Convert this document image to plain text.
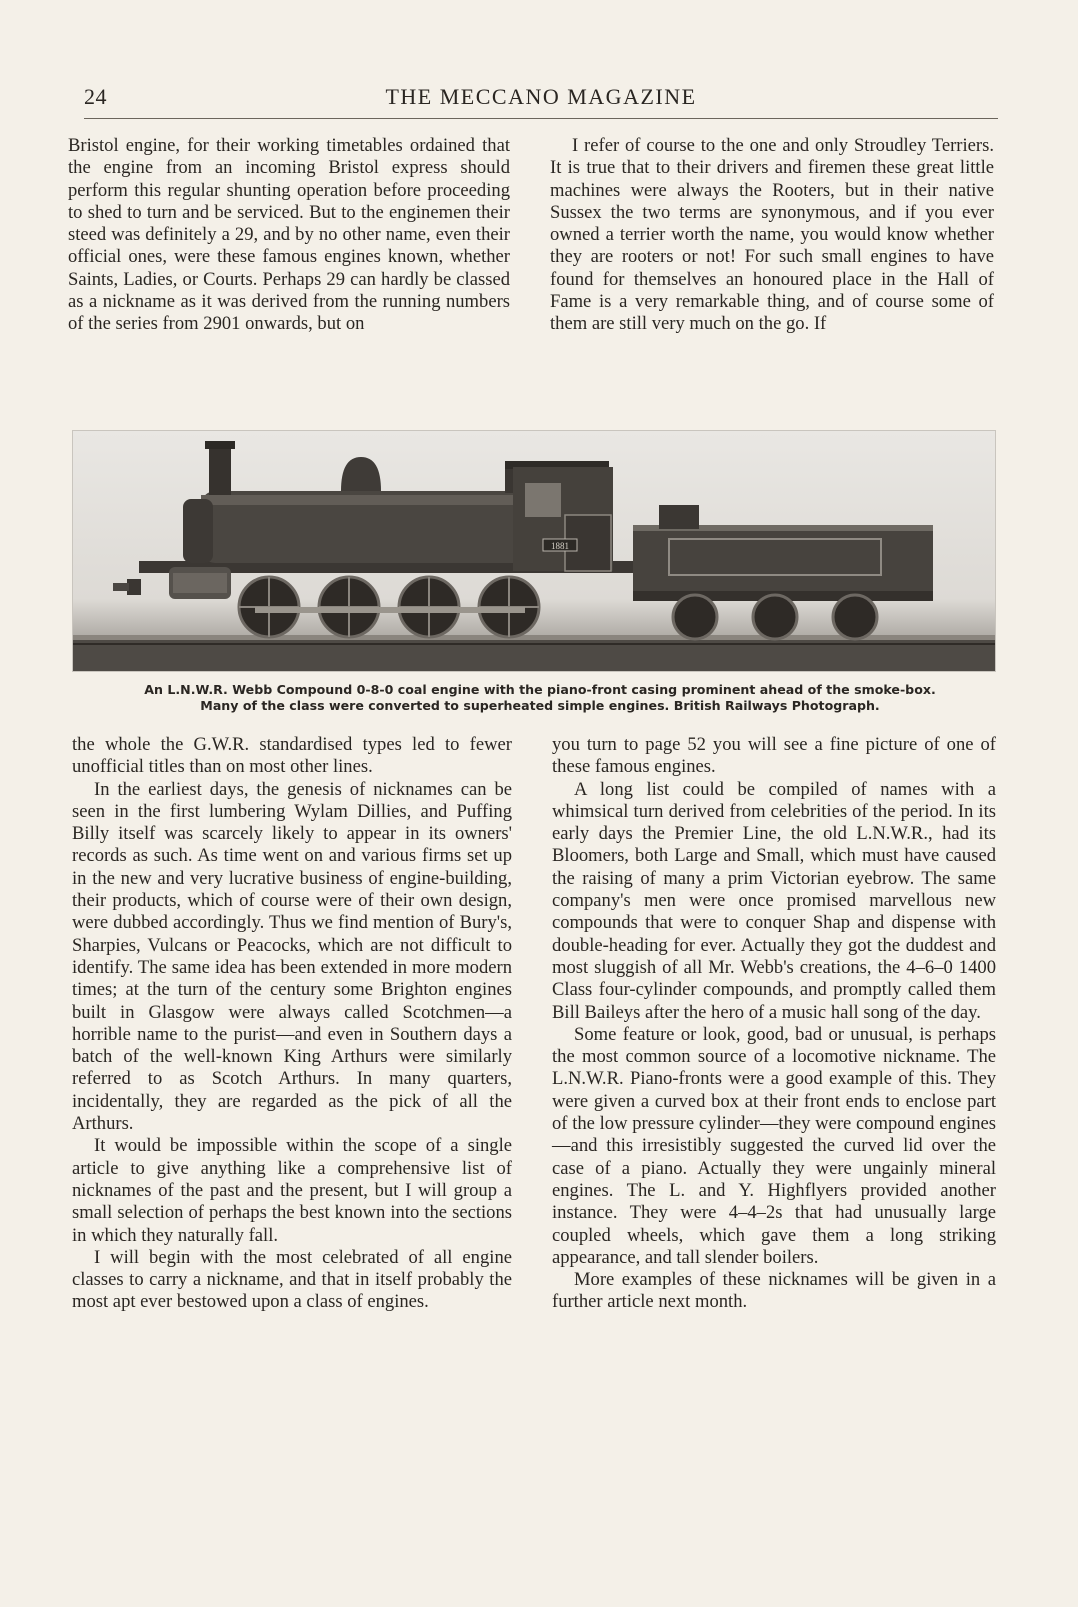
24	THE MECCANO MAGAZINE

Bristol engine, for their working timetables ordained that the engine from an incoming Bristol express should perform this regular shunting operation before proceeding to shed to turn and be serviced. But to the enginemen their steed was definitely a 29, and by no other name, even their official ones, were these famous engines known, whether Saints, Ladies, or Courts. Perhaps 29 can hardly be classed as a nickname as it was derived from the running numbers of the series from 2901 onwards, but on

I refer of course to the one and only Stroudley Terriers. It is true that to their drivers and firemen these great little machines were always the Rooters, but in their native Sussex the two terms are synonymous, and if you ever owned a terrier worth the name, you would know whether they are rooters or not! For such small engines to have found for themselves an honoured place in the Hall of Fame is a very remarkable thing, and of course some of them are still very much on the go. If

1881
An L.N.W.R. Webb Compound 0-8-0 coal engine with the piano-front casing prominent ahead of the smoke-box.
Many of the class were converted to superheated simple engines. British Railways Photograph.

the whole the G.W.R. standardised types led to fewer unofficial titles than on most other lines.

In the earliest days, the genesis of nicknames can be seen in the first lumbering Wylam Dillies, and Puffing Billy itself was scarcely likely to appear in its owners' records as such. As time went on and various firms set up in the new and very lucrative business of engine-building, their products, which of course were of their own design, were dubbed accordingly. Thus we find mention of Bury's, Sharpies, Vulcans or Peacocks, which are not difficult to identify. The same idea has been extended in more modern times; at the turn of the century some Brighton engines built in Glasgow were always called Scotchmen—a horrible name to the purist—and even in Southern days a batch of the well-known King Arthurs were similarly referred to as Scotch Arthurs. In many quarters, incidentally, they are regarded as the pick of all the Arthurs.

It would be impossible within the scope of a single article to give anything like a comprehensive list of nicknames of the past and the present, but I will group a small selection of perhaps the best known into the sections in which they naturally fall.

I will begin with the most celebrated of all engine classes to carry a nickname, and that in itself probably the most apt ever bestowed upon a class of engines.

you turn to page 52 you will see a fine picture of one of these famous engines.

A long list could be compiled of names with a whimsical turn derived from celebrities of the period. In its early days the Premier Line, the old L.N.W.R., had its Bloomers, both Large and Small, which must have caused the raising of many a prim Victorian eyebrow. The same company's men were once promised marvellous new compounds that were to conquer Shap and dispense with double-heading for ever. Actually they got the duddest and most sluggish of all Mr. Webb's creations, the 4–6–0 1400 Class four-cylinder compounds, and promptly called them Bill Baileys after the hero of a music hall song of the day.

Some feature or look, good, bad or unusual, is perhaps the most common source of a locomotive nickname. The L.N.W.R. Piano-fronts were a good example of this. They were given a curved box at their front ends to enclose part of the low pressure cylinder—they were compound engines—and this irresistibly suggested the curved lid over the case of a piano. Actually they were ungainly mineral engines. The L. and Y. Highflyers provided another instance. They were 4–4–2s that had unusually large coupled wheels, which gave them a long striking appearance, and tall slender boilers.

More examples of these nicknames will be given in a further article next month.
